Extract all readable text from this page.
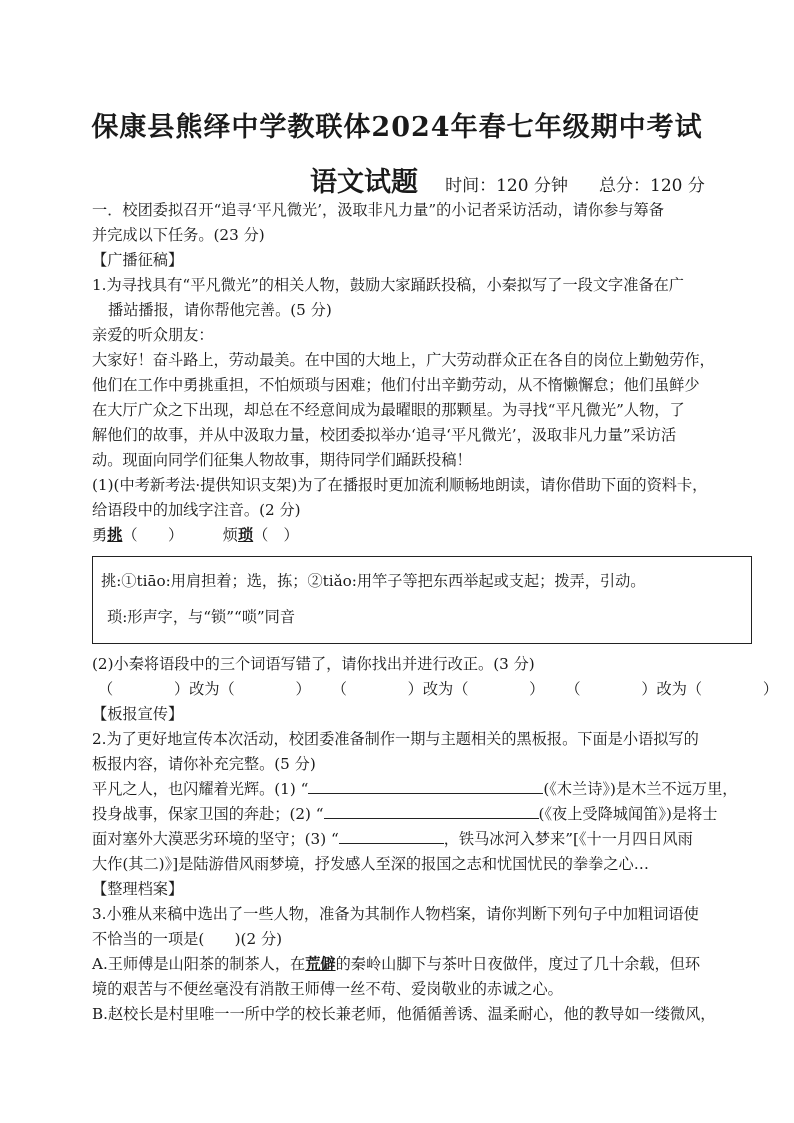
保康县熊绎中学教联体2024年春七年级期中考试
语文试题 时间：120 分钟 总分：120 分

一．校团委拟召开“追寻‘平凡微光’，汲取非凡力量”的小记者采访活动，请你参与筹备

并完成以下任务。(23 分)

【广播征稿】

1.为寻找具有“平凡微光”的相关人物，鼓励大家踊跃投稿，小秦拟写了一段文字准备在广

播站播报，请你帮他完善。(5 分)

亲爱的听众朋友：

大家好！奋斗路上，劳动最美。在中国的大地上，广大劳动群众正在各自的岗位上勤勉劳作，

他们在工作中勇挑重担，不怕烦琐与困难；他们付出辛勤劳动，从不惰懒懈怠；他们虽鲜少

在大厅广众之下出现，却总在不经意间成为最曜眼的那颗星。为寻找“平凡微光”人物，了

解他们的故事，并从中汲取力量，校团委拟举办‘追寻‘平凡微光’，汲取非凡力量”采访活

动。现面向同学们征集人物故事，期待同学们踊跃投稿！

(1)(中考新考法·提供知识支架)为了在播报时更加流利顺畅地朗读，请你借助下面的资料卡，

给语段中的加线字注音。(2 分)

勇挑（　　）	烦琐（　）

挑:①tiāo:用肩担着；选，拣；②tiǎo:用竿子等把东西举起或支起；拨弄，引动。
琐:形声字，与“锁”“唢”同音

(2)小秦将语段中的三个词语写错了，请你找出并进行改正。(3 分)

（　　　　）改为（　　　　） （　　　　）改为（　　　　） （　　　　）改为（　　　　）

【板报宣传】

2.为了更好地宣传本次活动，校团委准备制作一期与主题相关的黑板报。下面是小语拟写的

板报内容，请你补充完整。(5 分)

平凡之人，也闪耀着光辉。(1) “	(《木兰诗》)是木兰不远万里，

投身战事，保家卫国的奔赴；(2) “	(《夜上受降城闻笛》)是将士

面对塞外大漠恶劣环境的坚守；(3) “	，铁马冰河入梦来”[《十一月四日风雨

大作(其二)》]是陆游借风雨梦境，抒发感人至深的报国之志和忧国忧民的拳拳之心…

【整理档案】

3.小雅从来稿中选出了一些人物，准备为其制作人物档案，请你判断下列句子中加粗词语使

不恰当的一项是(　　)(2 分)

A.王师傅是山阳茶的制茶人，在荒僻的秦岭山脚下与茶叶日夜做伴，度过了几十余载，但环

境的艰苦与不便丝毫没有消散王师傅一丝不苟、爱岗敬业的赤诚之心。

B.赵校长是村里唯一一所中学的校长兼老师，他循循善诱、温柔耐心，他的教导如一缕微风，
